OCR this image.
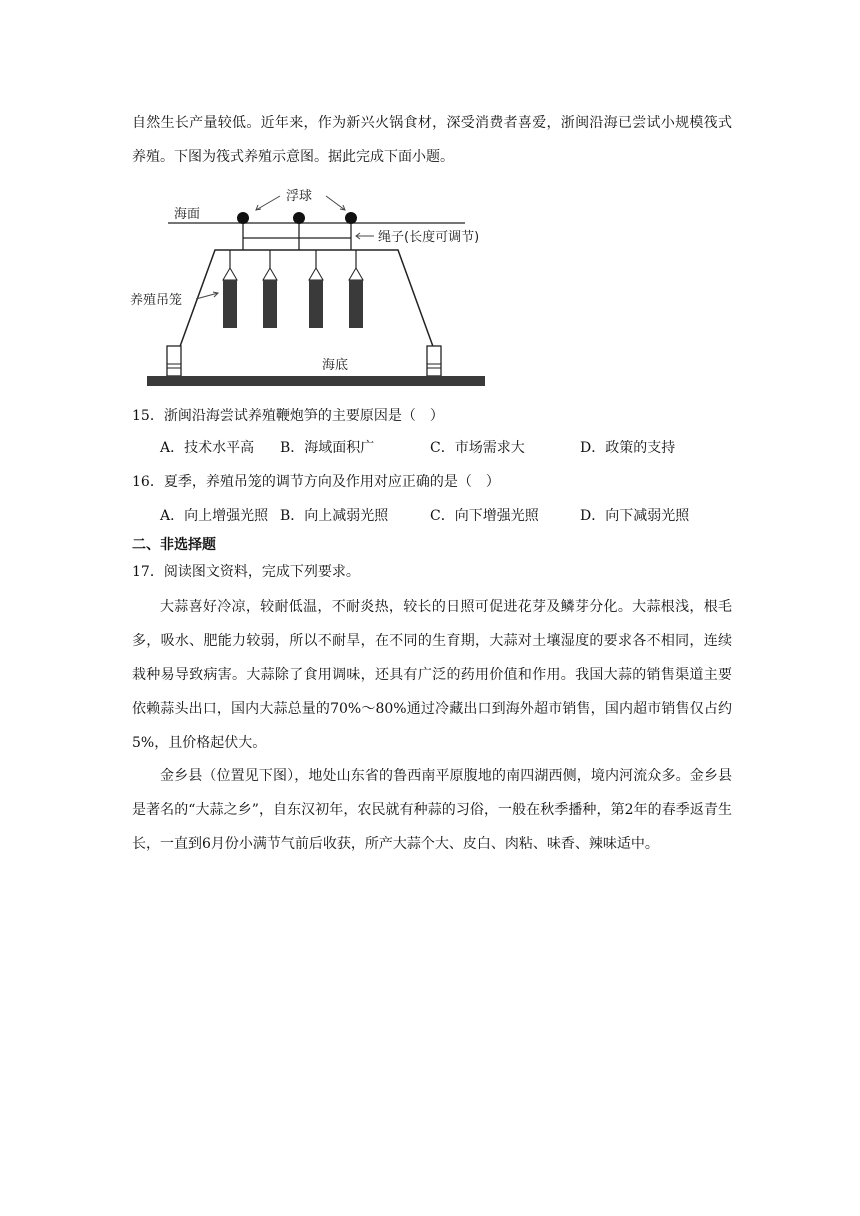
自然生长产量较低。近年来，作为新兴火锅食材，深受消费者喜爱，浙闽沿海已尝试小规模筏式养殖。下图为筏式养殖示意图。据此完成下面小题。

海面
浮球
绳子(长度可调节)
养殖吊笼
海底

15．浙闽沿海尝试养殖鞭炮笋的主要原因是（　）

A．技术水平高 B．海域面积广	C．市场需求大	D．政策的支持

16．夏季，养殖吊笼的调节方向及作用对应正确的是（　）

A．向上增强光照 B．向上减弱光照	C．向下增强光照	D．向下减弱光照

二、非选择题

17．阅读图文资料，完成下列要求。

大蒜喜好冷凉，较耐低温，不耐炎热，较长的日照可促进花芽及鳞芽分化。大蒜根浅，根毛多，吸水、肥能力较弱，所以不耐旱，在不同的生育期，大蒜对土壤湿度的要求各不相同，连续栽种易导致病害。大蒜除了食用调味，还具有广泛的药用价值和作用。我国大蒜的销售渠道主要依赖蒜头出口，国内大蒜总量的70%～80%通过冷藏出口到海外超市销售，国内超市销售仅占约5%，且价格起伏大。

金乡县（位置见下图），地处山东省的鲁西南平原腹地的南四湖西侧，境内河流众多。金乡县是著名的“大蒜之乡”，自东汉初年，农民就有种蒜的习俗，一般在秋季播种，第2年的春季返青生长，一直到6月份小满节气前后收获，所产大蒜个大、皮白、肉粘、味香、辣味适中。
